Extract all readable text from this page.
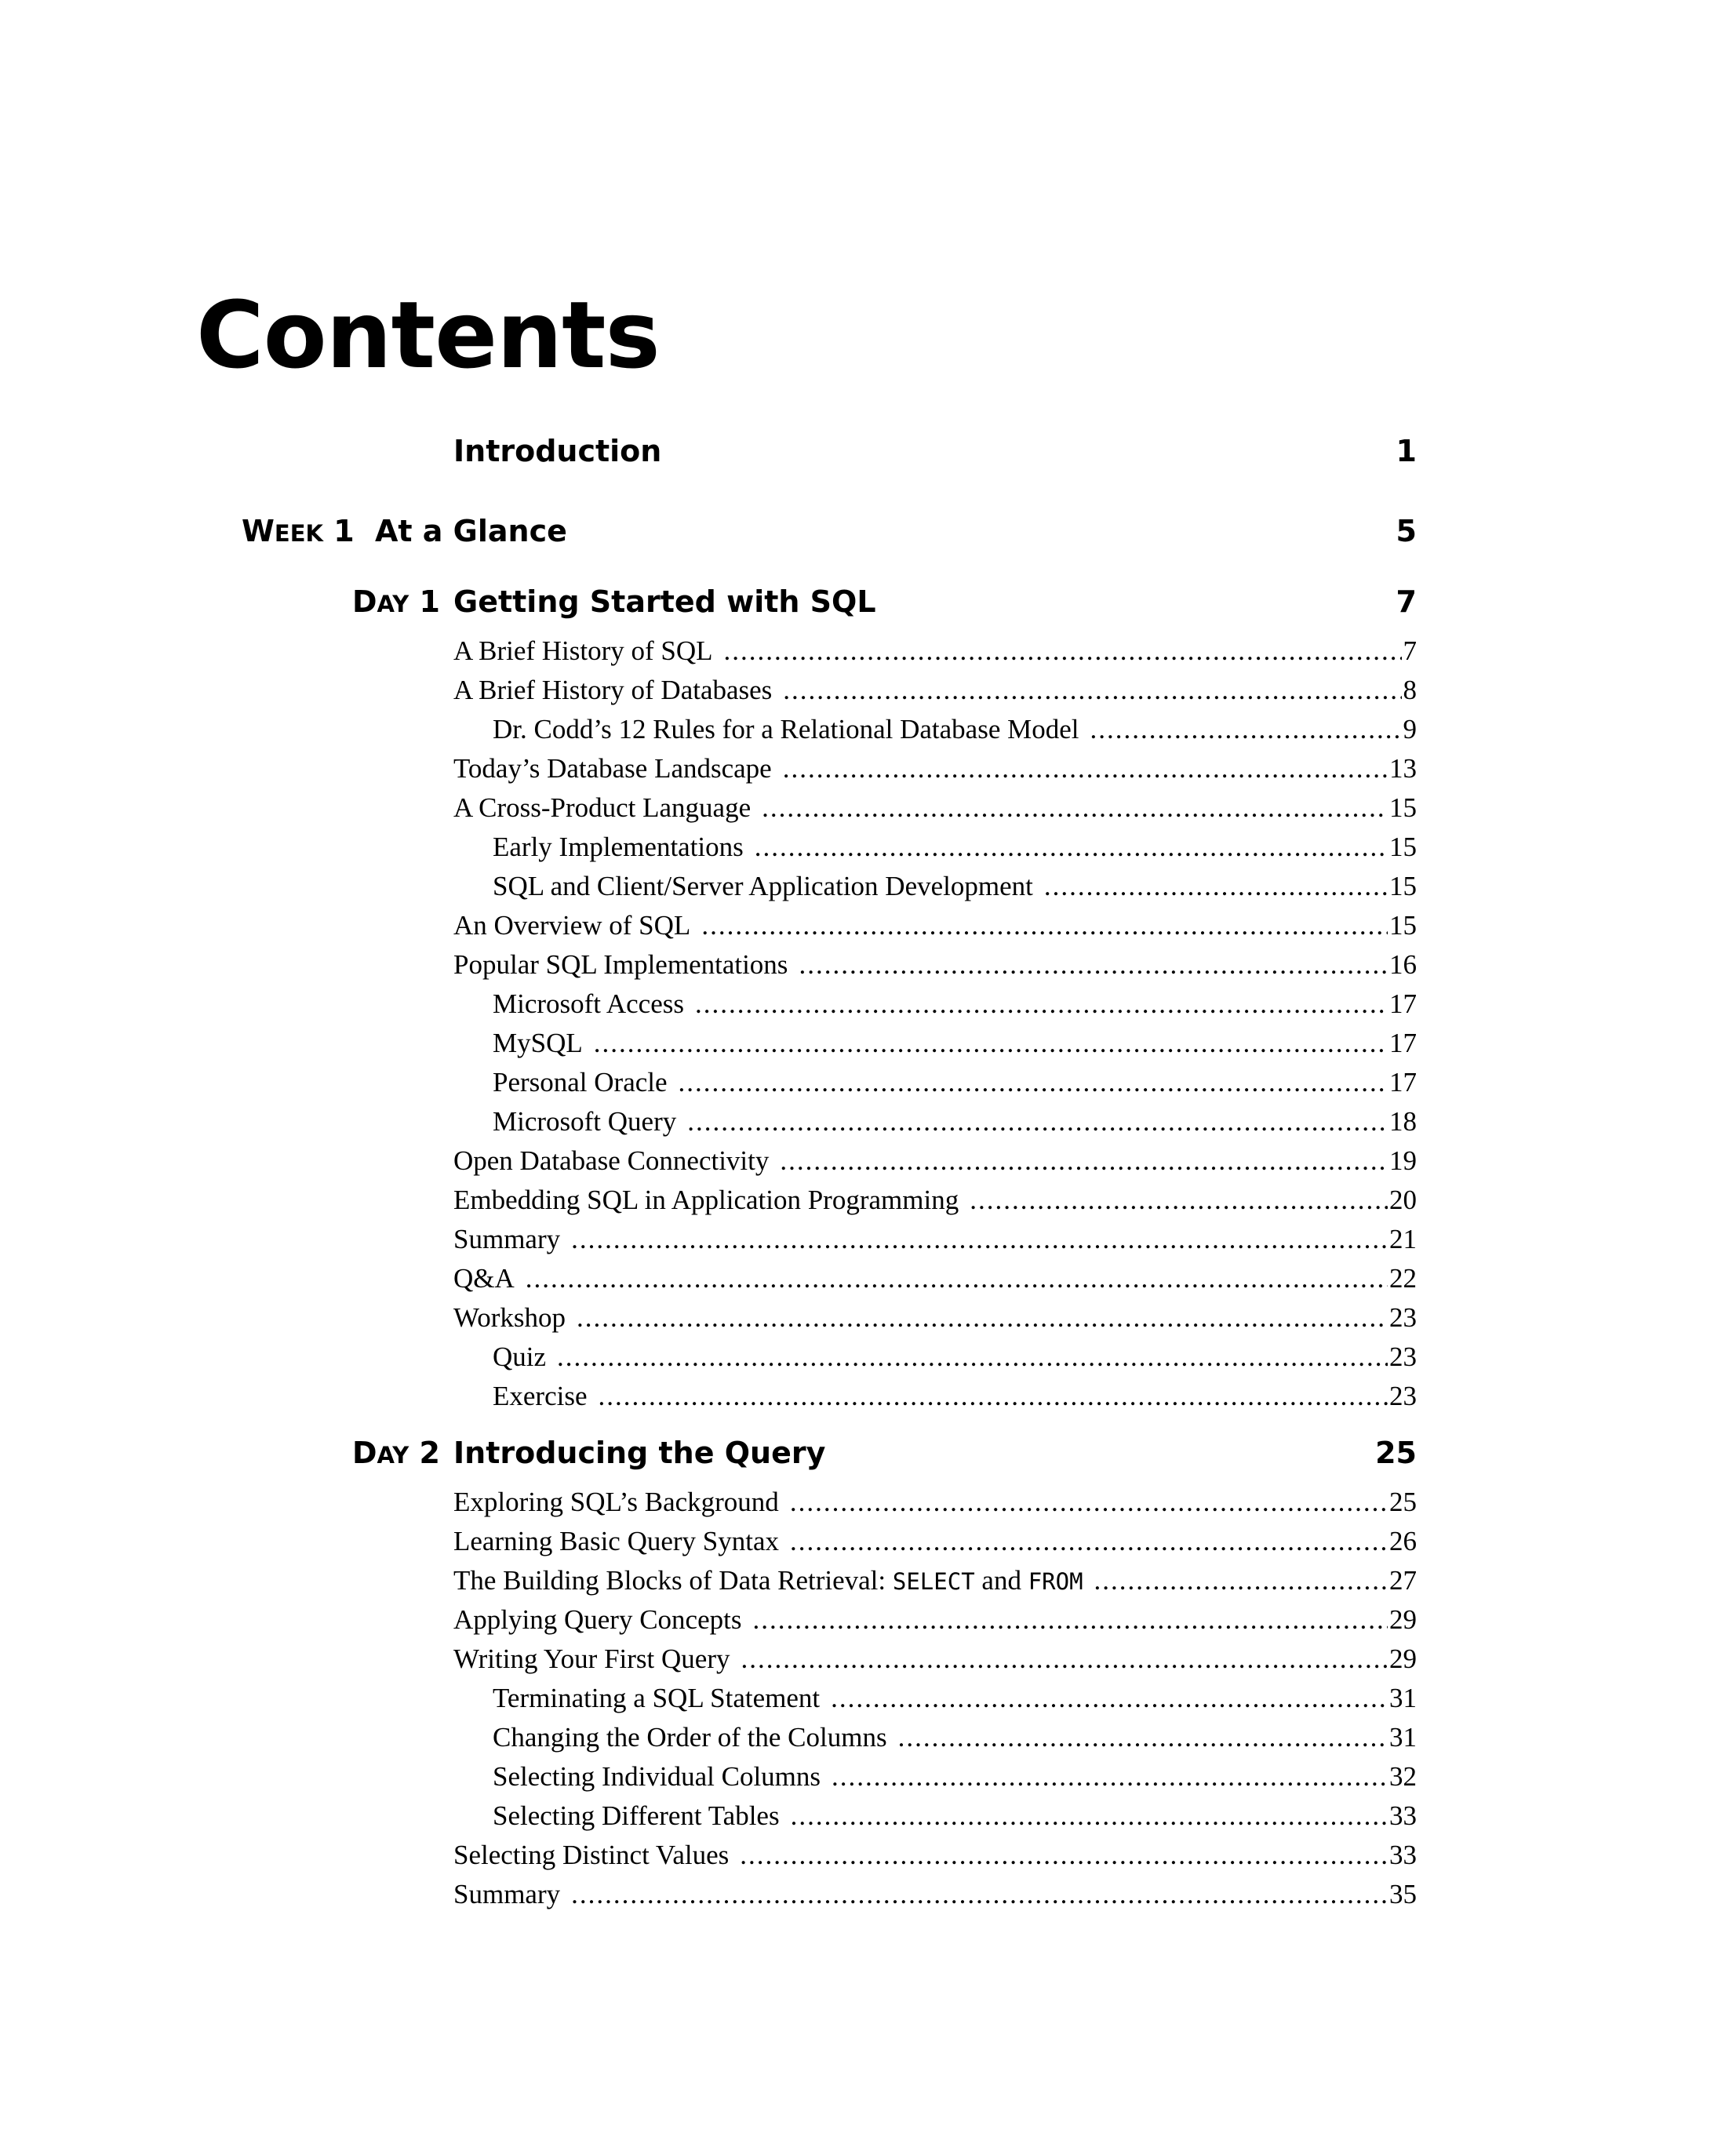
Contents
Introduction	1
WEEK 1 At a Glance	5
DAY 1 Getting Started with SQL	7
A Brief History of SQL .....	7
A Brief History of Databases .....	8
Dr. Codd’s 12 Rules for a Relational Database Model .....	9
Today’s Database Landscape .....	13
A Cross-Product Language .....	15
Early Implementations .....	15
SQL and Client/Server Application Development .....	15
An Overview of SQL .....	15
Popular SQL Implementations .....	16
Microsoft Access .....	17
MySQL .....	17
Personal Oracle .....	17
Microsoft Query .....	18
Open Database Connectivity .....	19
Embedding SQL in Application Programming .....	20
Summary .....	21
Q&A .....	22
Workshop .....	23
Quiz .....	23
Exercise .....	23
DAY 2 Introducing the Query	25
Exploring SQL’s Background .....	25
Learning Basic Query Syntax .....	26
The Building Blocks of Data Retrieval: SELECT and FROM .....	27
Applying Query Concepts .....	29
Writing Your First Query .....	29
Terminating a SQL Statement .....	31
Changing the Order of the Columns .....	31
Selecting Individual Columns .....	32
Selecting Different Tables .....	33
Selecting Distinct Values .....	33
Summary .....	35
